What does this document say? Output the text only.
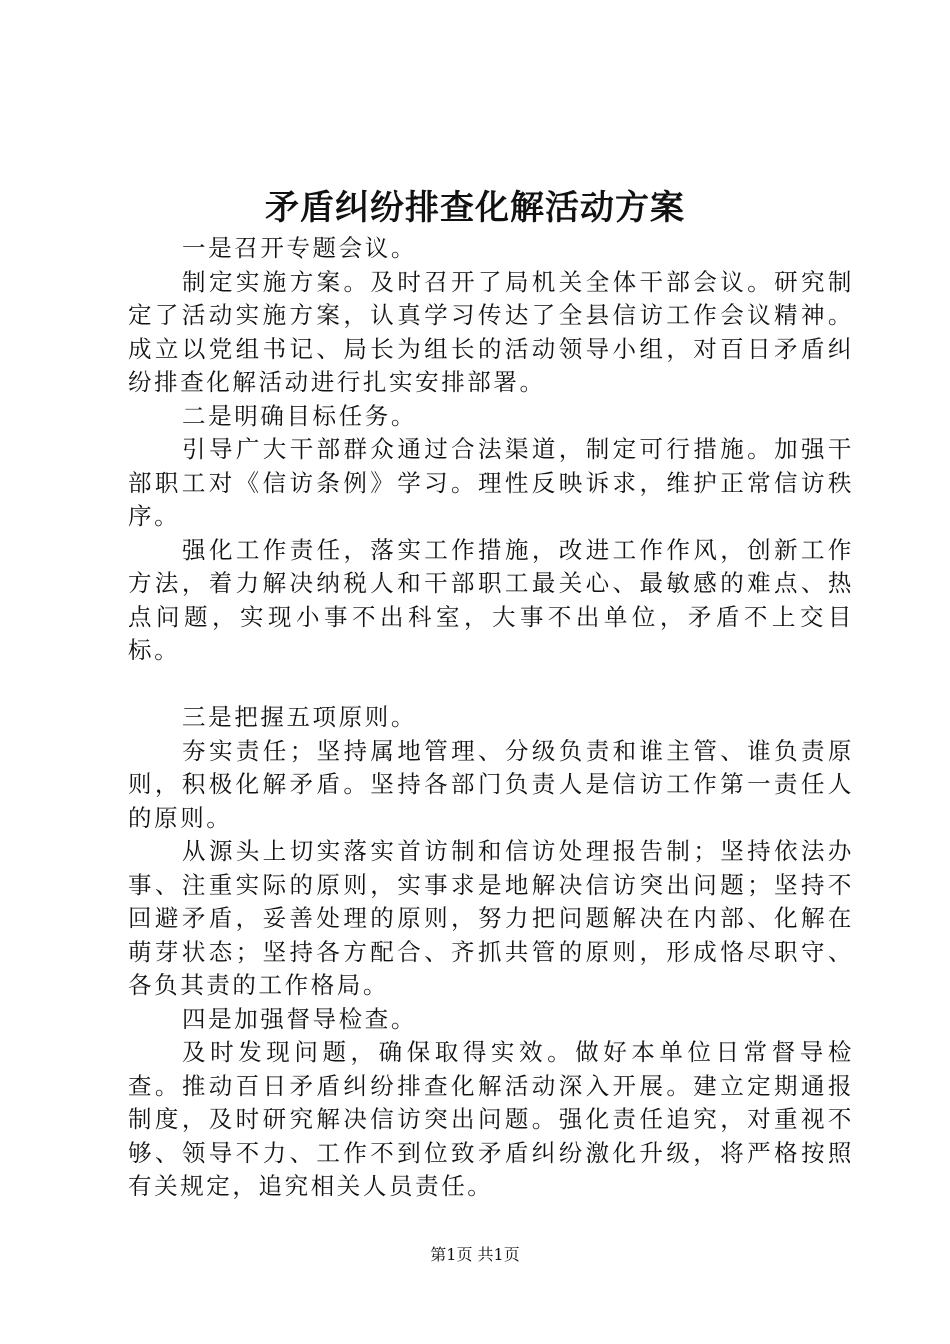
矛盾纠纷排查化解活动方案

一是召开专题会议。

制定实施方案。及时召开了局机关全体干部会议。研究制定了活动实施方案，认真学习传达了全县信访工作会议精神。成立以党组书记、局长为组长的活动领导小组，对百日矛盾纠纷排查化解活动进行扎实安排部署。

二是明确目标任务。

引导广大干部群众通过合法渠道，制定可行措施。加强干部职工对《信访条例》学习。理性反映诉求，维护正常信访秩序。

强化工作责任，落实工作措施，改进工作作风，创新工作方法，着力解决纳税人和干部职工最关心、最敏感的难点、热点问题，实现小事不出科室，大事不出单位，矛盾不上交目标。

三是把握五项原则。

夯实责任；坚持属地管理、分级负责和谁主管、谁负责原则，积极化解矛盾。坚持各部门负责人是信访工作第一责任人的原则。

从源头上切实落实首访制和信访处理报告制；坚持依法办事、注重实际的原则，实事求是地解决信访突出问题；坚持不回避矛盾，妥善处理的原则，努力把问题解决在内部、化解在萌芽状态；坚持各方配合、齐抓共管的原则，形成恪尽职守、各负其责的工作格局。

四是加强督导检查。

及时发现问题，确保取得实效。做好本单位日常督导检查。推动百日矛盾纠纷排查化解活动深入开展。建立定期通报制度，及时研究解决信访突出问题。强化责任追究，对重视不够、领导不力、工作不到位致矛盾纠纷激化升级，将严格按照有关规定，追究相关人员责任。

第1页 共1页
